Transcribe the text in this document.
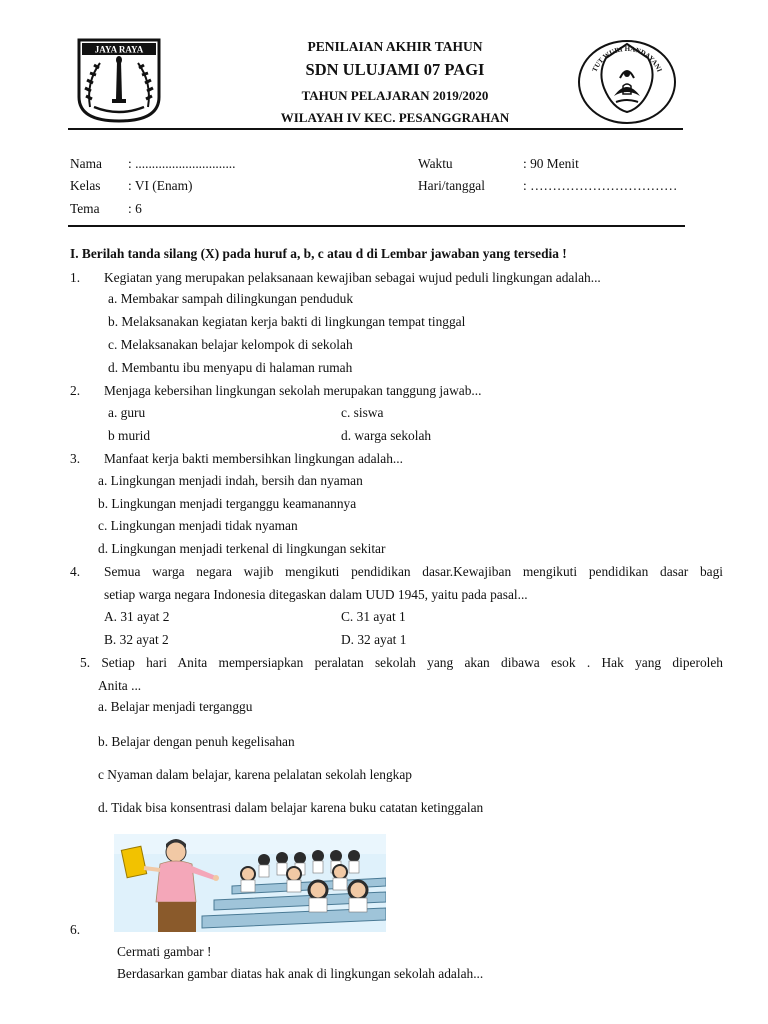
JAYA RAYA	PENILAIAN AKHIR TAHUN
SDN ULUJAMI 07 PAGI
TAHUN PELAJARAN 2019/2020
WILAYAH IV KEC. PESANGGRAHAN
TUT WURI HANDAYANI
Nama : ..............................	Waktu	: 90 Menit
Kelas : VI (Enam)	Hari/tanggal	: ……………………………
Tema : 6
I. Berilah tanda silang (X) pada huruf a, b, c atau d di Lembar jawaban yang tersedia !
1. Kegiatan yang merupakan pelaksanaan kewajiban sebagai wujud peduli lingkungan adalah...
a. Membakar sampah dilingkungan penduduk
b. Melaksanakan kegiatan kerja bakti di lingkungan tempat tinggal
c. Melaksanakan belajar kelompok di sekolah
d. Membantu ibu menyapu di halaman rumah
2. Menjaga kebersihan lingkungan sekolah merupakan tanggung jawab...
a. guru	c. siswa
b murid	d. warga sekolah
3. Manfaat kerja bakti membersihkan lingkungan adalah...
a. Lingkungan menjadi indah, bersih dan nyaman
b. Lingkungan menjadi terganggu keamanannya
c. Lingkungan menjadi tidak nyaman
d. Lingkungan menjadi terkenal di lingkungan sekitar
4. Semua warga negara wajib mengikuti pendidikan dasar.Kewajiban mengikuti pendidikan dasar bagi
setiap warga negara Indonesia ditegaskan dalam UUD 1945, yaitu pada pasal...
A. 31 ayat 2	C. 31 ayat 1
B. 32 ayat 2	D. 32 ayat 1
5. Setiap hari Anita mempersiapkan peralatan sekolah yang akan dibawa esok . Hak yang diperoleh
Anita ...
a. Belajar menjadi terganggu
b. Belajar dengan penuh kegelisahan
c Nyaman dalam belajar, karena pelalatan sekolah lengkap
d. Tidak bisa konsentrasi dalam belajar karena buku catatan ketinggalan
6.
Cermati gambar !
Berdasarkan gambar diatas hak anak di lingkungan sekolah adalah...
